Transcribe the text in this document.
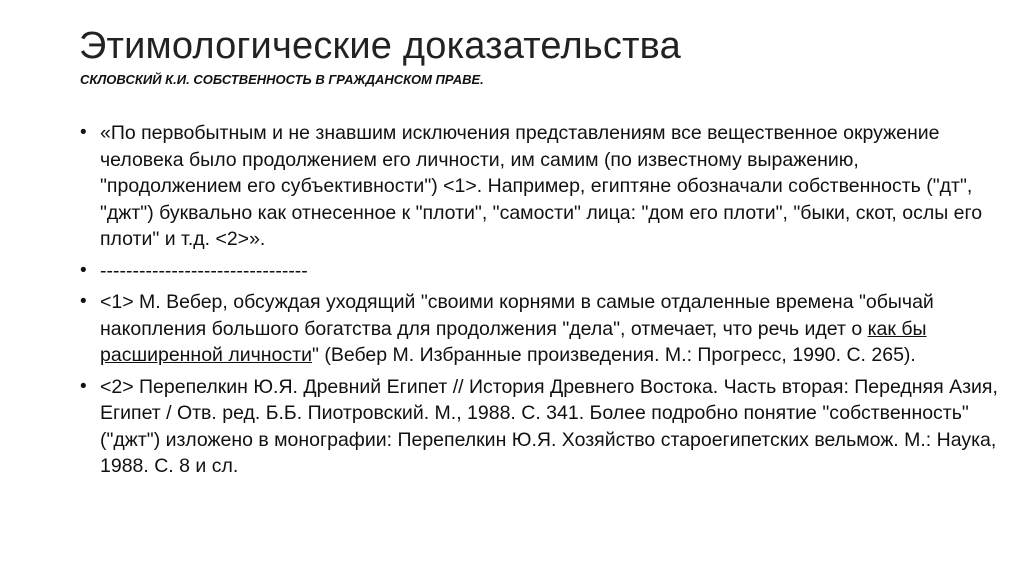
Этимологические доказательства
СКЛОВСКИЙ К.И. СОБСТВЕННОСТЬ В ГРАЖДАНСКОМ ПРАВЕ.
• «По первобытным и не знавшим исключения представлениям все вещественное окружение человека было продолжением его личности, им самим (по известному выражению, "продолжением его субъективности") <1>. Например, египтяне обозначали собственность ("дт", "джт") буквально как отнесенное к "плоти", "самости" лица: "дом его плоти", "быки, скот, ослы его плоти" и т.д. <2>».
• --------------------------------
• <1> М. Вебер, обсуждая уходящий "своими корнями в самые отдаленные времена "обычай накопления большого богатства для продолжения "дела", отмечает, что речь идет о как бы расширенной личности" (Вебер М. Избранные произведения. М.: Прогресс, 1990. С. 265).
• <2> Перепелкин Ю.Я. Древний Египет // История Древнего Востока. Часть вторая: Передняя Азия, Египет / Отв. ред. Б.Б. Пиотровский. М., 1988. С. 341. Более подробно понятие "собственность" ("джт") изложено в монографии: Перепелкин Ю.Я. Хозяйство староегипетских вельмож. М.: Наука, 1988. С. 8 и сл.
